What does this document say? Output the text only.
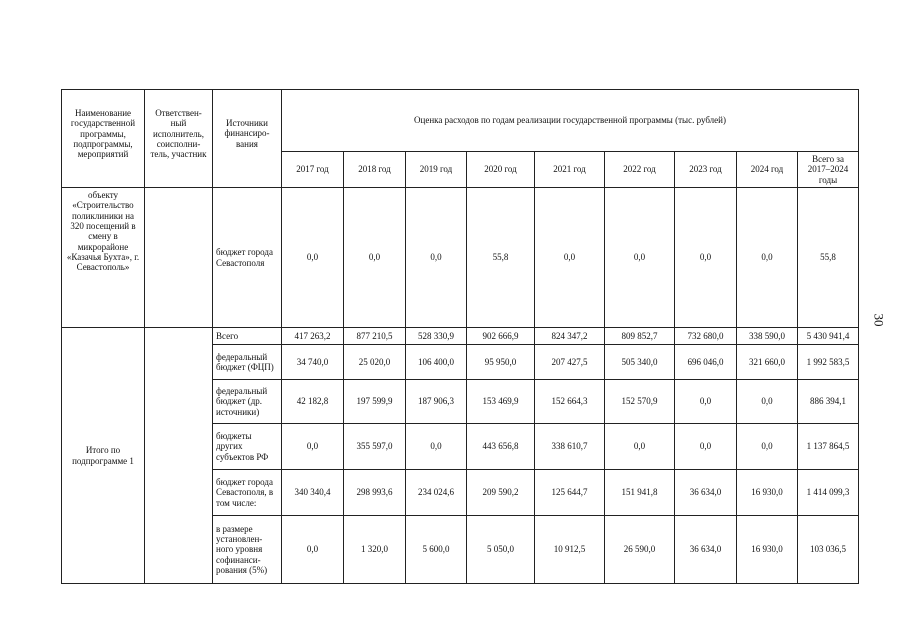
30
Наименование государственной программы, подпрограммы, мероприятий	Ответствен-ный исполнитель, соисполни-тель, участник	Источники финансиро-вания	Оценка расходов по годам реализации государственной программы (тыс. рублей)								
			2017 год	2018 год	2019 год	2020 год	2021 год	2022 год	2023 год	2024 год	Всего за 2017–2024 годы
объекту «Строительство поликлиники на 320 посещений в смену в микрорайоне «Казачья Бухта», г. Севастополь»		бюджет города Севастополя	0,0	0,0	0,0	55,8	0,0	0,0	0,0	0,0	55,8
Итого по подпрограмме 1		Всего	417 263,2	877 210,5	528 330,9	902 666,9	824 347,2	809 852,7	732 680,0	338 590,0	5 430 941,4
		федеральный бюджет (ФЦП)	34 740,0	25 020,0	106 400,0	95 950,0	207 427,5	505 340,0	696 046,0	321 660,0	1 992 583,5
		федеральный бюджет (др. источники)	42 182,8	197 599,9	187 906,3	153 469,9	152 664,3	152 570,9	0,0	0,0	886 394,1
		бюджеты других субъектов РФ	0,0	355 597,0	0,0	443 656,8	338 610,7	0,0	0,0	0,0	1 137 864,5
		бюджет города Севастополя, в том числе:	340 340,4	298 993,6	234 024,6	209 590,2	125 644,7	151 941,8	36 634,0	16 930,0	1 414 099,3
		в размере установлен-ного уровня софинанси-рования (5%)	0,0	1 320,0	5 600,0	5 050,0	10 912,5	26 590,0	36 634,0	16 930,0	103 036,5
